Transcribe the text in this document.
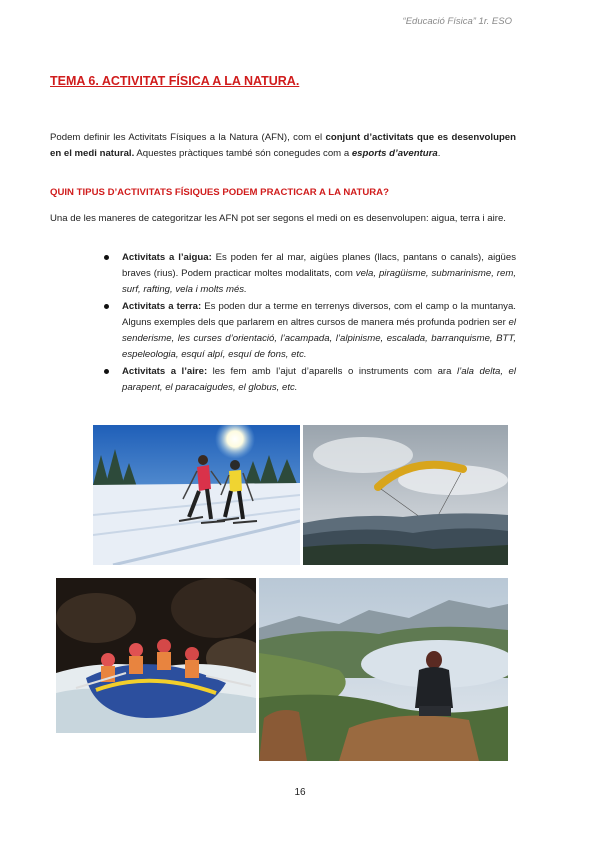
“Educació Física” 1r. ESO
TEMA 6. ACTIVITAT FÍSICA A LA NATURA.
Podem definir les Activitats Físiques a la Natura (AFN), com el conjunt d’activitats que es desenvolupen en el medi natural. Aquestes pràctiques també són conegudes com a esports d’aventura.
QUIN TIPUS D’ACTIVITATS FÍSIQUES PODEM PRACTICAR A LA NATURA?
Una de les maneres de categoritzar les AFN pot ser segons el medi on es desenvolupen: aigua, terra i aire.
Activitats a l’aigua: Es poden fer al mar, aigües planes (llacs, pantans o canals), aigües braves (rius). Podem practicar moltes modalitats, com vela, piragüisme, submarinisme, rem, surf, rafting, vela i molts més.
Activitats a terra: Es poden dur a terme en terrenys diversos, com el camp o la muntanya. Alguns exemples dels que parlarem en altres cursos de manera més profunda podrien ser el senderisme, les curses d’orientació, l’acampada, l’alpinisme, escalada, barranquisme, BTT, espeleologia, esquí alpí, esquí de fons, etc.
Activitats a l’aire: les fem amb l’ajut d’aparells o instruments com ara l’ala delta, el parapent, el paracaigudes, el globus, etc.
16
